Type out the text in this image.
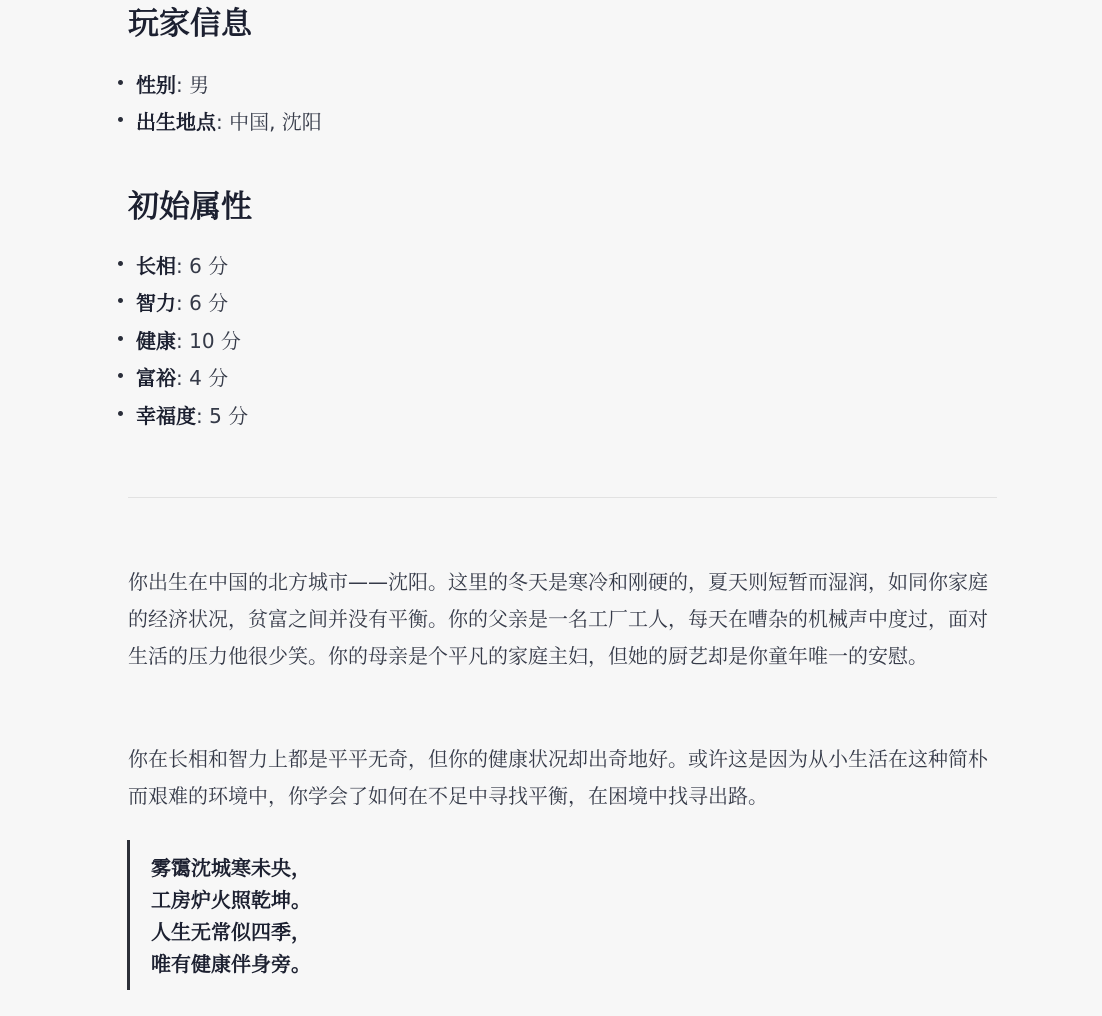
玩家信息
性别: 男
出生地点: 中国, 沈阳
初始属性
长相: 6 分
智力: 6 分
健康: 10 分
富裕: 4 分
幸福度: 5 分

你出生在中国的北方城市——沈阳。这里的冬天是寒冷和刚硬的，夏天则短暂而湿润，如同你家庭的经济状况，贫富之间并没有平衡。你的父亲是一名工厂工人，每天在嘈杂的机械声中度过，面对生活的压力他很少笑。你的母亲是个平凡的家庭主妇，但她的厨艺却是你童年唯一的安慰。

你在长相和智力上都是平平无奇，但你的健康状况却出奇地好。或许这是因为从小生活在这种简朴而艰难的环境中，你学会了如何在不足中寻找平衡，在困境中找寻出路。

雾霭沈城寒未央，
工房炉火照乾坤。
人生无常似四季，
唯有健康伴身旁。
